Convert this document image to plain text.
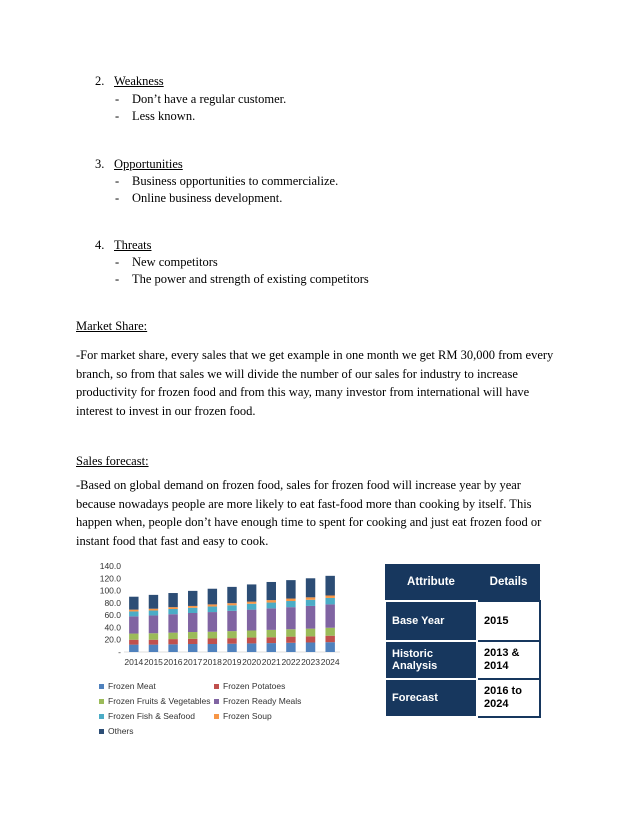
2. Weakness
- Don’t have a regular customer.
- Less known.
3. Opportunities
- Business opportunities to commercialize.
- Online business development.
4. Threats
- New competitors
- The power and strength of existing competitors
Market Share:
-For market share, every sales that we get example in one month we get RM 30,000 from every branch, so from that sales we will divide the number of our sales for industry to increase productivity for frozen food and from this way, many investor from international will have interest to invest in our frozen food.
Sales forecast:
-Based on global demand on frozen food, sales for frozen food will increase year by year because nowadays people are more likely to eat fast-food more than cooking by itself. This happen when, people don’t have enough time to spent for cooking and just eat frozen food or instant food that fast and easy to cook.
140.0
120.0
100.0
80.0
60.0
40.0
20.0
-
2014 2015 2016 2017 2018 2019 2020 2021 2022 2023 2024
Frozen Meat	Frozen Potatoes
Frozen Fruits & Vegetables	Frozen Ready Meals
Frozen Fish & Seafood	Frozen Soup
Others
Attribute	Details
Base Year	2015
Historic Analysis	2013 & 2014
Forecast	2016 to 2024
